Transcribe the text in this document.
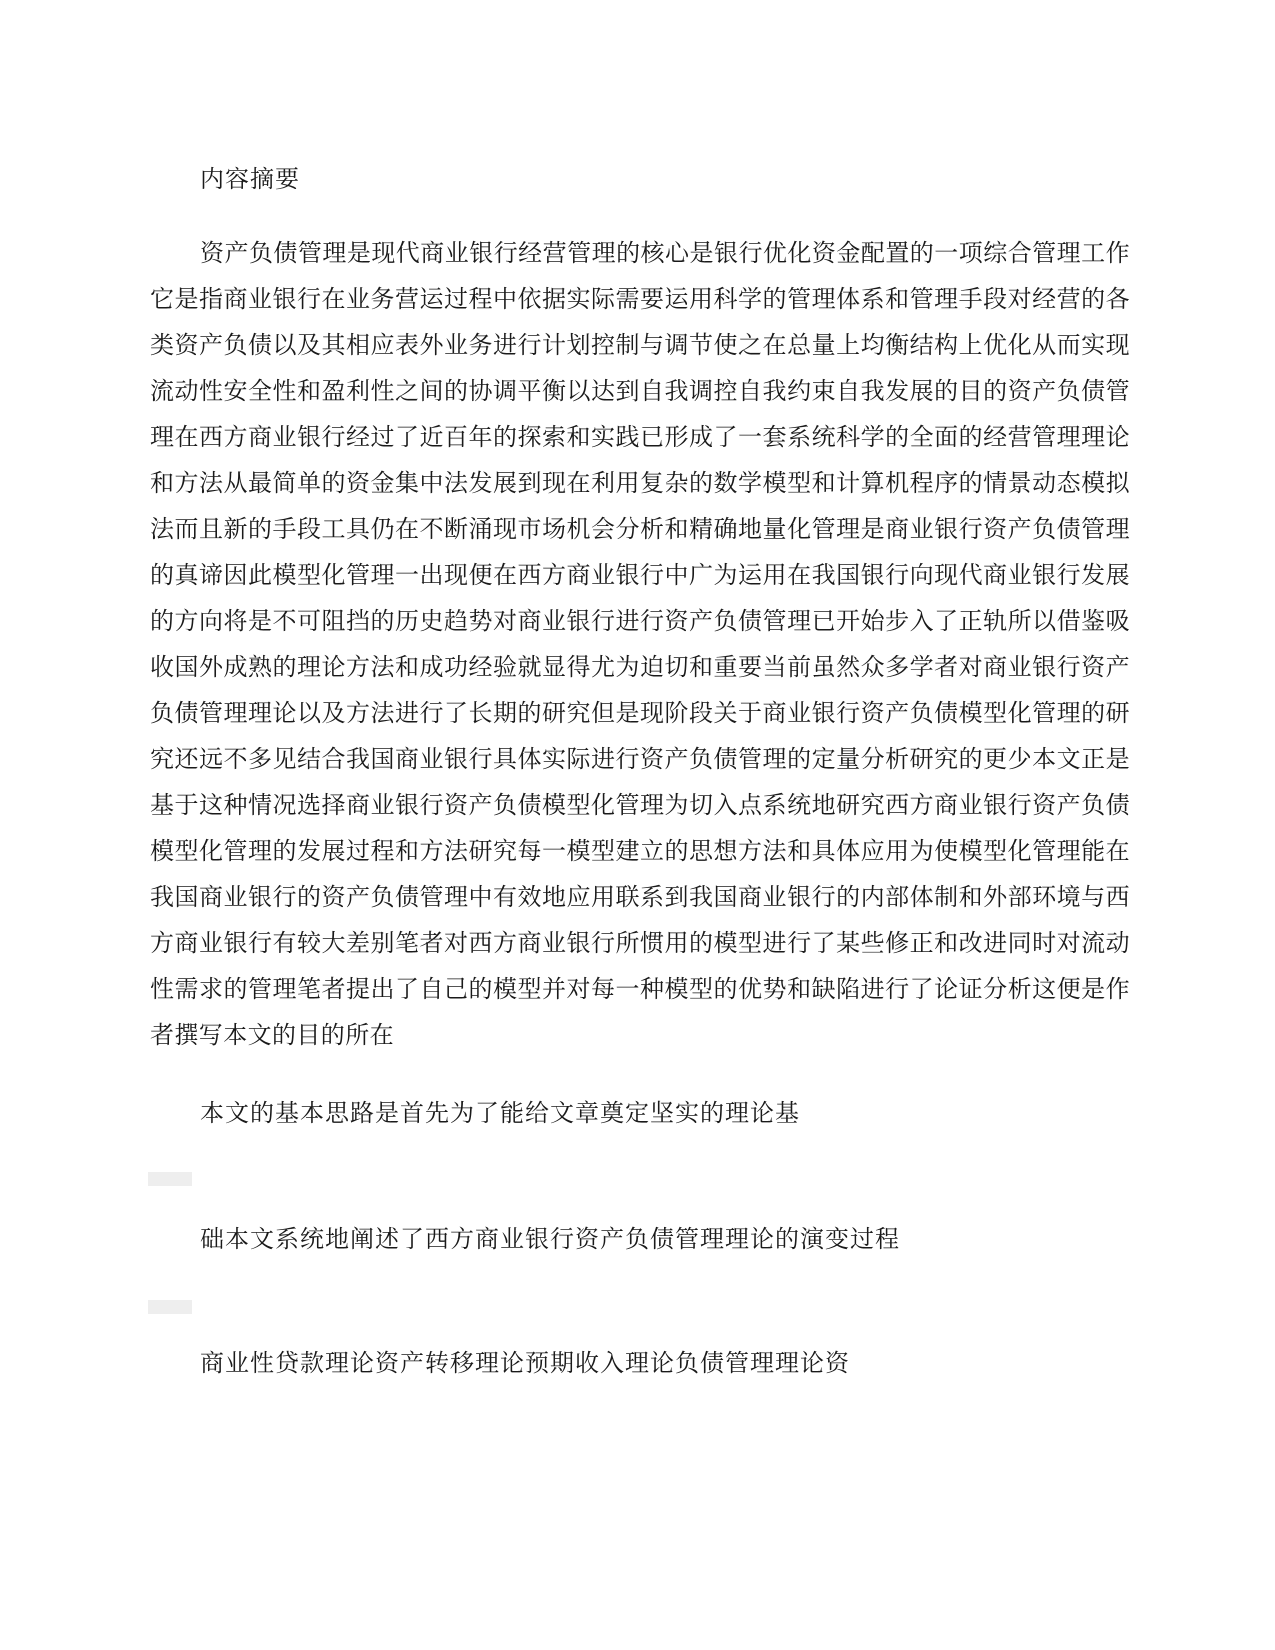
内容摘要
资产负债管理是现代商业银行经营管理的核心是银行优化资金配置的一项综合管理工作它是指商业银行在业务营运过程中依据实际需要运用科学的管理体系和管理手段对经营的各类资产负债以及其相应表外业务进行计划控制与调节使之在总量上均衡结构上优化从而实现流动性安全性和盈利性之间的协调平衡以达到自我调控自我约束自我发展的目的资产负债管理在西方商业银行经过了近百年的探索和实践已形成了一套系统科学的全面的经营管理理论和方法从最简单的资金集中法发展到现在利用复杂的数学模型和计算机程序的情景动态模拟法而且新的手段工具仍在不断涌现市场机会分析和精确地量化管理是商业银行资产负债管理的真谛因此模型化管理一出现便在西方商业银行中广为运用在我国银行向现代商业银行发展的方向将是不可阻挡的历史趋势对商业银行进行资产负债管理已开始步入了正轨所以借鉴吸收国外成熟的理论方法和成功经验就显得尤为迫切和重要当前虽然众多学者对商业银行资产负债管理理论以及方法进行了长期的研究但是现阶段关于商业银行资产负债模型化管理的研究还远不多见结合我国商业银行具体实际进行资产负债管理的定量分析研究的更少本文正是基于这种情况选择商业银行资产负债模型化管理为切入点系统地研究西方商业银行资产负债模型化管理的发展过程和方法研究每一模型建立的思想方法和具体应用为使模型化管理能在我国商业银行的资产负债管理中有效地应用联系到我国商业银行的内部体制和外部环境与西方商业银行有较大差别笔者对西方商业银行所惯用的模型进行了某些修正和改进同时对流动性需求的管理笔者提出了自己的模型并对每一种模型的优势和缺陷进行了论证分析这便是作者撰写本文的目的所在
本文的基本思路是首先为了能给文章奠定坚实的理论基
础本文系统地阐述了西方商业银行资产负债管理理论的演变过程
商业性贷款理论资产转移理论预期收入理论负债管理理论资
